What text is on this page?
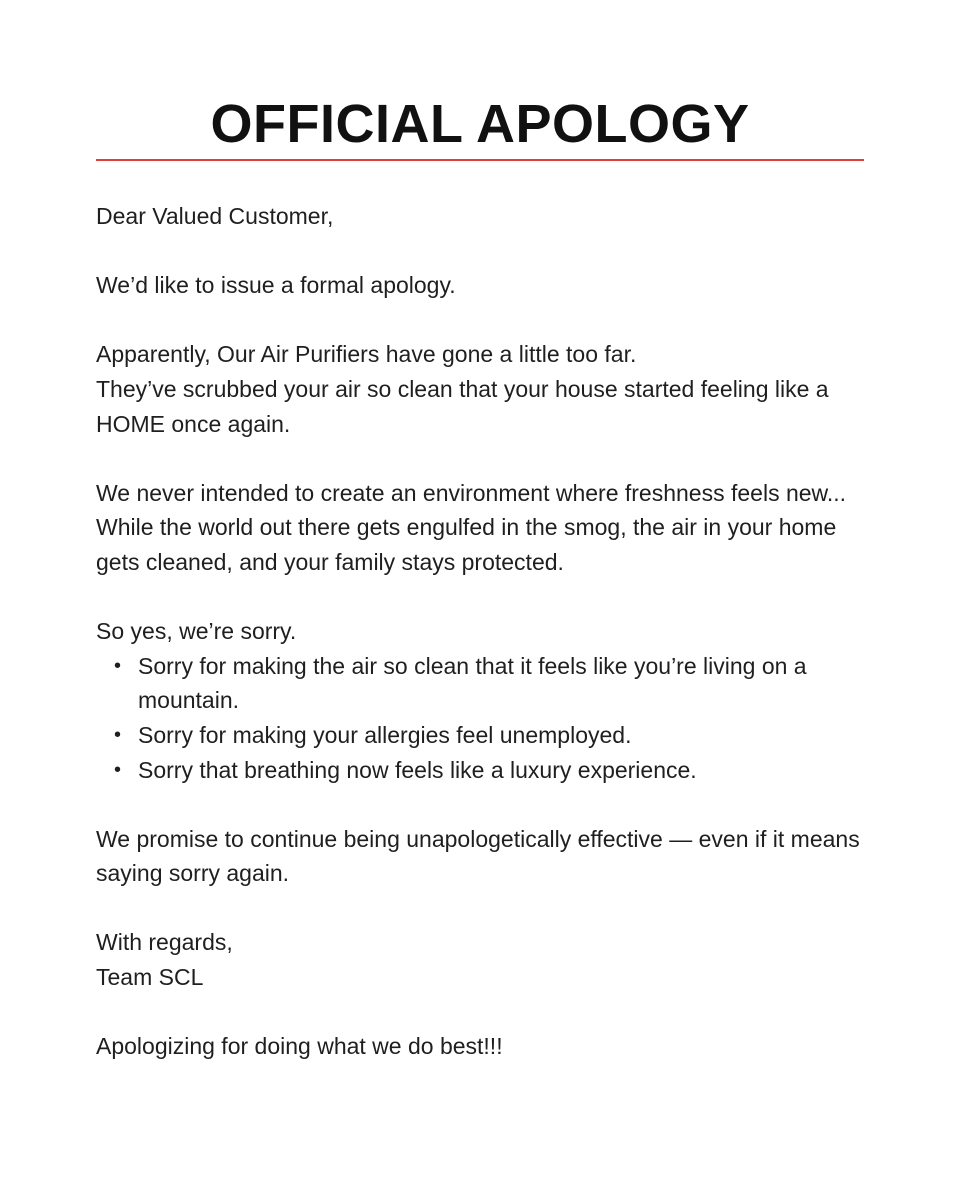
OFFICIAL APOLOGY

Dear Valued Customer,

We’d like to issue a formal apology.

Apparently, Our Air Purifiers have gone a little too far.

They’ve scrubbed your air so clean that your house started feeling like a HOME once again.

We never intended to create an environment where freshness feels new... While the world out there gets engulfed in the smog, the air in your home gets cleaned, and your family stays protected.

So yes, we’re sorry.

• Sorry for making the air so clean that it feels like you’re living on a mountain.
• Sorry for making your allergies feel unemployed.
• Sorry that breathing now feels like a luxury experience.

We promise to continue being unapologetically effective — even if it means saying sorry again.

With regards,

Team SCL

Apologizing for doing what we do best!!!
